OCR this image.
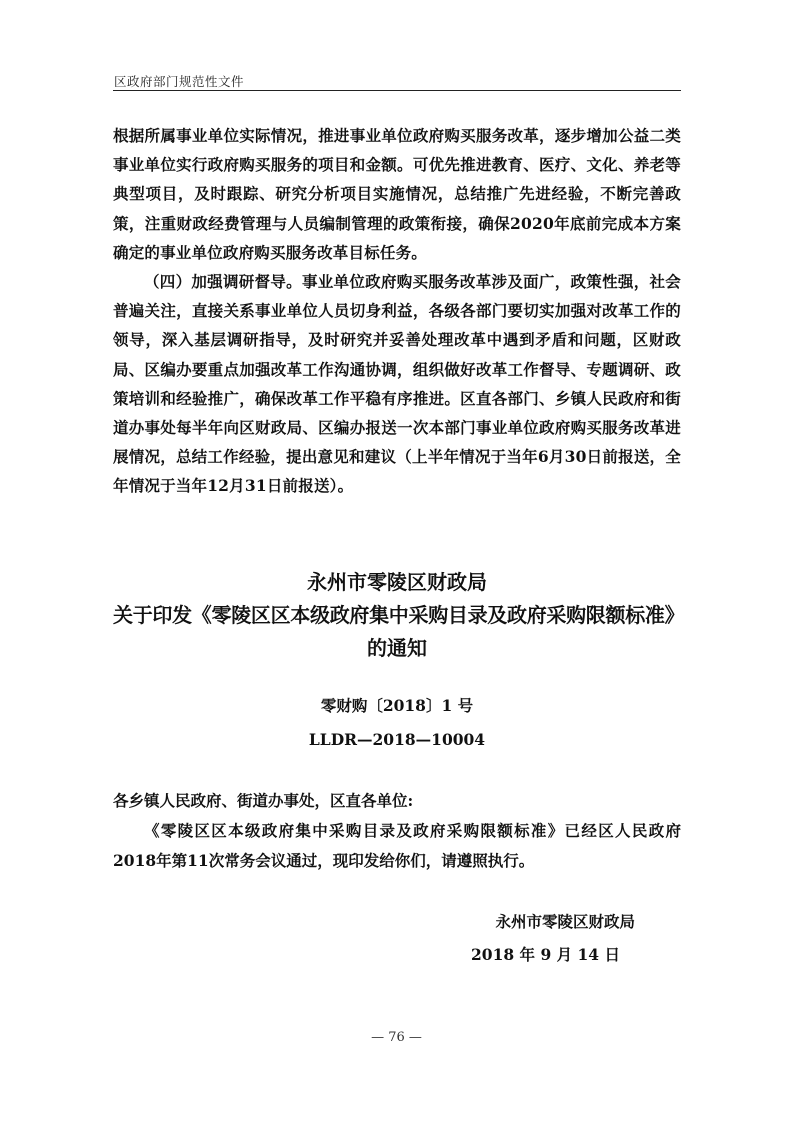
区政府部门规范性文件
根据所属事业单位实际情况，推进事业单位政府购买服务改革，逐步增加公益二类事业单位实行政府购买服务的项目和金额。可优先推进教育、医疗、文化、养老等典型项目，及时跟踪、研究分析项目实施情况，总结推广先进经验，不断完善政策，注重财政经费管理与人员编制管理的政策衔接，确保2020年底前完成本方案确定的事业单位政府购买服务改革目标任务。
（四）加强调研督导。事业单位政府购买服务改革涉及面广，政策性强，社会普遍关注，直接关系事业单位人员切身利益，各级各部门要切实加强对改革工作的领导，深入基层调研指导，及时研究并妥善处理改革中遇到矛盾和问题，区财政局、区编办要重点加强改革工作沟通协调，组织做好改革工作督导、专题调研、政策培训和经验推广，确保改革工作平稳有序推进。区直各部门、乡镇人民政府和街道办事处每半年向区财政局、区编办报送一次本部门事业单位政府购买服务改革进展情况，总结工作经验，提出意见和建议（上半年情况于当年6月30日前报送，全年情况于当年12月31日前报送）。
永州市零陵区财政局
关于印发《零陵区区本级政府集中采购目录及政府采购限额标准》
的通知
零财购〔2018〕1 号
LLDR—2018—10004
各乡镇人民政府、街道办事处，区直各单位:
《零陵区区本级政府集中采购目录及政府采购限额标准》已经区人民政府2018年第11次常务会议通过，现印发给你们，请遵照执行。
永州市零陵区财政局
2018 年 9 月 14 日
— 76 —
